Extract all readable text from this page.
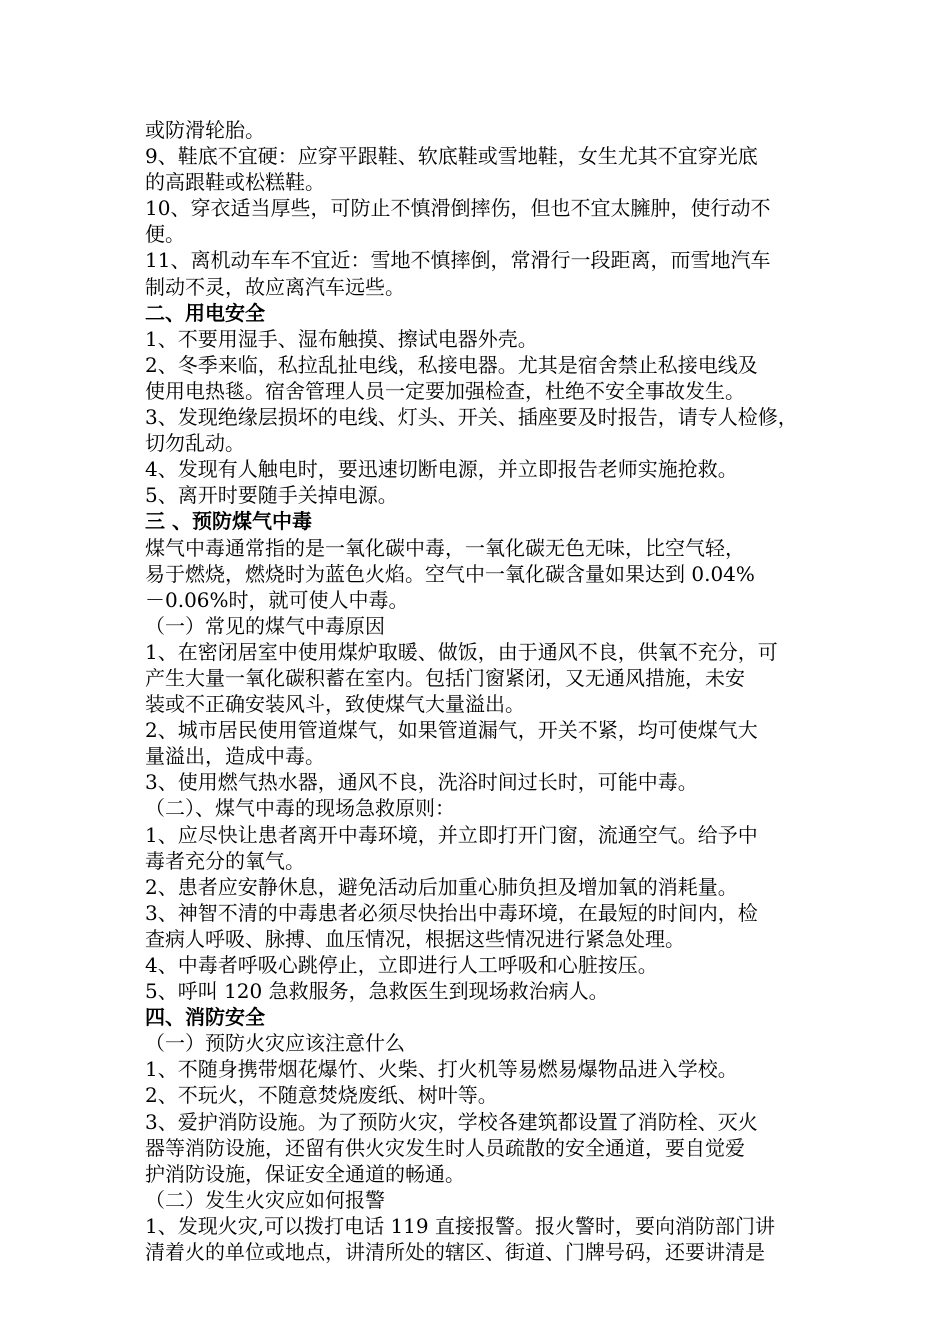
或防滑轮胎。
9、鞋底不宜硬：应穿平跟鞋、软底鞋或雪地鞋，女生尤其不宜穿光底
的高跟鞋或松糕鞋。
10、穿衣适当厚些，可防止不慎滑倒摔伤，但也不宜太臃肿，使行动不
便。
11、离机动车车不宜近：雪地不慎摔倒，常滑行一段距离，而雪地汽车
制动不灵，故应离汽车远些。
二、用电安全
1、不要用湿手、湿布触摸、擦试电器外壳。
2、冬季来临，私拉乱扯电线，私接电器。尤其是宿舍禁止私接电线及
使用电热毯。宿舍管理人员一定要加强检查，杜绝不安全事故发生。
3、发现绝缘层损坏的电线、灯头、开关、插座要及时报告，请专人检修，
切勿乱动。
4、发现有人触电时，要迅速切断电源，并立即报告老师实施抢救。
5、离开时要随手关掉电源。
三 、预防煤气中毒
煤气中毒通常指的是一氧化碳中毒，一氧化碳无色无味，比空气轻，
易于燃烧，燃烧时为蓝色火焰。空气中一氧化碳含量如果达到 0.04%
－0.06%时，就可使人中毒。
（一）常见的煤气中毒原因
1、在密闭居室中使用煤炉取暖、做饭，由于通风不良，供氧不充分，可
产生大量一氧化碳积蓄在室内。包括门窗紧闭，又无通风措施，未安
装或不正确安装风斗，致使煤气大量溢出。
2、城市居民使用管道煤气，如果管道漏气，开关不紧，均可使煤气大
量溢出，造成中毒。
3、使用燃气热水器，通风不良，洗浴时间过长时，可能中毒。
（二）、煤气中毒的现场急救原则：
1、应尽快让患者离开中毒环境，并立即打开门窗，流通空气。给予中
毒者充分的氧气。
2、患者应安静休息，避免活动后加重心肺负担及增加氧的消耗量。
3、神智不清的中毒患者必须尽快抬出中毒环境，在最短的时间内，检
查病人呼吸、脉搏、血压情况，根据这些情况进行紧急处理。
4、中毒者呼吸心跳停止，立即进行人工呼吸和心脏按压。
5、呼叫 120 急救服务，急救医生到现场救治病人。
四、消防安全
（一）预防火灾应该注意什么
1、不随身携带烟花爆竹、火柴、打火机等易燃易爆物品进入学校。
2、不玩火，不随意焚烧废纸、树叶等。
3、爱护消防设施。为了预防火灾，学校各建筑都设置了消防栓、灭火
器等消防设施，还留有供火灾发生时人员疏散的安全通道，要自觉爱
护消防设施，保证安全通道的畅通。
（二）发生火灾应如何报警
1、发现火灾,可以拨打电话 119 直接报警。报火警时，要向消防部门讲
清着火的单位或地点，讲清所处的辖区、街道、门牌号码，还要讲清是
